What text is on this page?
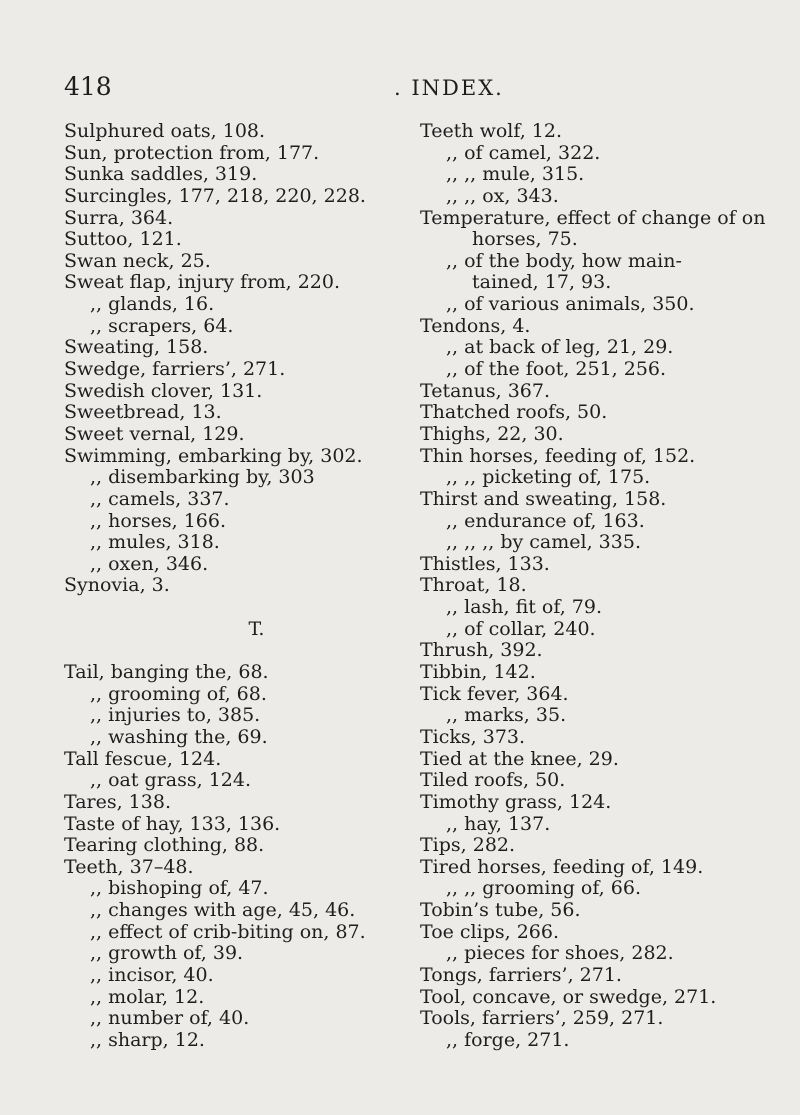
418	. INDEX.
Sulphured oats, 108.
Sun, protection from, 177.
Sunka saddles, 319.
Surcingles, 177, 218, 220, 228.
Surra, 364.
Suttoo, 121.
Swan neck, 25.
Sweat flap, injury from, 220.
,, glands, 16.
,, scrapers, 64.
Sweating, 158.
Swedge, farriers’, 271.
Swedish clover, 131.
Sweetbread, 13.
Sweet vernal, 129.
Swimming, embarking by, 302.
,, disembarking by, 303
,, camels, 337.
,, horses, 166.
,, mules, 318.
,, oxen, 346.
Synovia, 3.
T.
Tail, banging the, 68.
,, grooming of, 68.
,, injuries to, 385.
,, washing the, 69.
Tall fescue, 124.
,, oat grass, 124.
Tares, 138.
Taste of hay, 133, 136.
Tearing clothing, 88.
Teeth, 37–48.
,, bishoping of, 47.
,, changes with age, 45, 46.
,, effect of crib-biting on, 87.
,, growth of, 39.
,, incisor, 40.
,, molar, 12.
,, number of, 40.
,, sharp, 12.
Teeth wolf, 12.
,, of camel, 322.
,, ,, mule, 315.
,, ,, ox, 343.
Temperature, effect of change of on
horses, 75.
,, of the body, how main-
tained, 17, 93.
,, of various animals, 350.
Tendons, 4.
,, at back of leg, 21, 29.
,, of the foot, 251, 256.
Tetanus, 367.
Thatched roofs, 50.
Thighs, 22, 30.
Thin horses, feeding of, 152.
,, ,, picketing of, 175.
Thirst and sweating, 158.
,, endurance of, 163.
,, ,, ,, by camel, 335.
Thistles, 133.
Throat, 18.
,, lash, fit of, 79.
,, of collar, 240.
Thrush, 392.
Tibbin, 142.
Tick fever, 364.
,, marks, 35.
Ticks, 373.
Tied at the knee, 29.
Tiled roofs, 50.
Timothy grass, 124.
,, hay, 137.
Tips, 282.
Tired horses, feeding of, 149.
,, ,, grooming of, 66.
Tobin’s tube, 56.
Toe clips, 266.
,, pieces for shoes, 282.
Tongs, farriers’, 271.
Tool, concave, or swedge, 271.
Tools, farriers’, 259, 271.
,, forge, 271.
